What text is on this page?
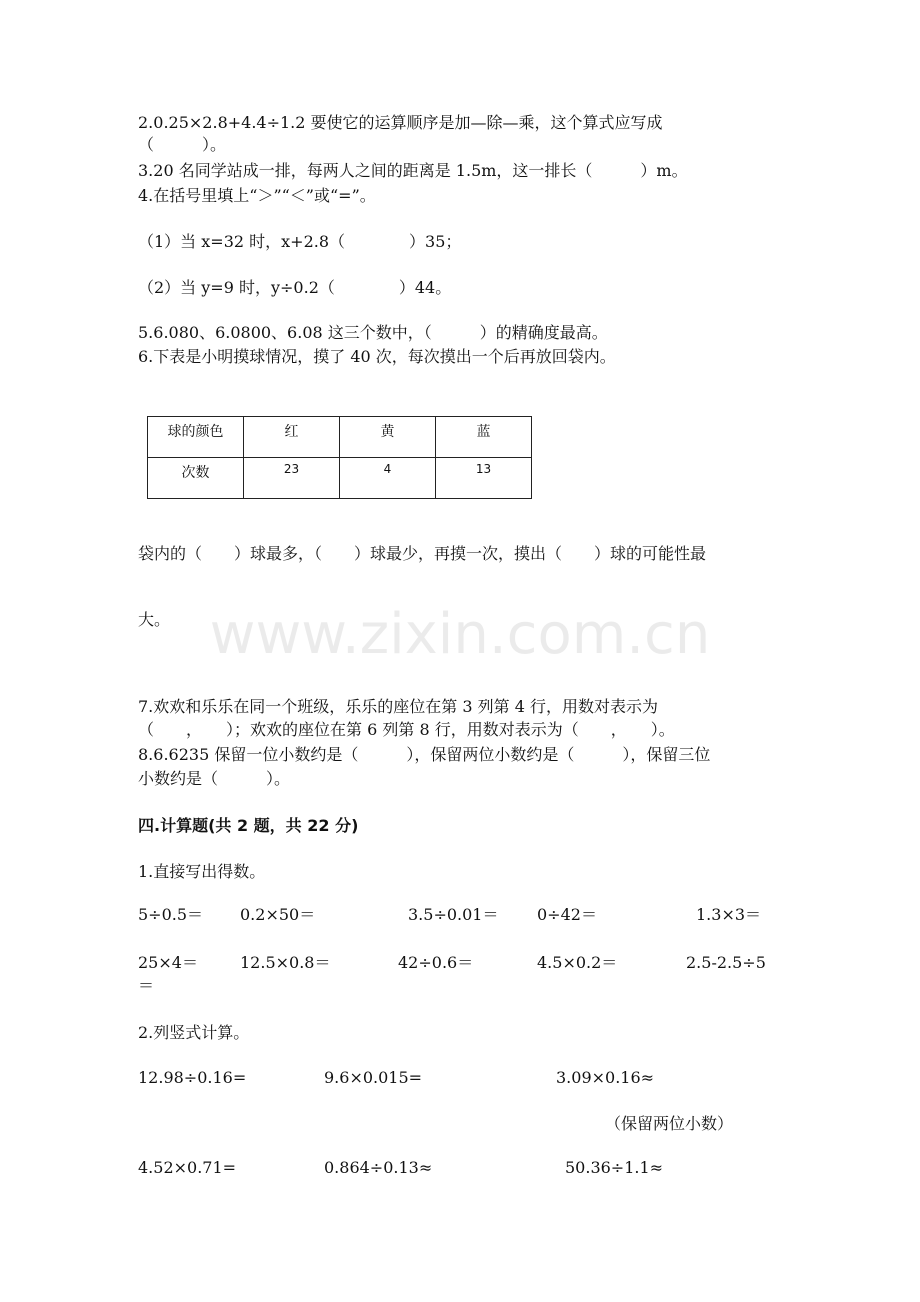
www.zixin.com.cn
2.0.25×2.8+4.4÷1.2 要使它的运算顺序是加—除—乘，这个算式应写成
（　　　）。
3.20 名同学站成一排，每两人之间的距离是 1.5m，这一排长（　　　）m。
4.在括号里填上“＞”“＜”或“=”。
（1）当 x=32 时，x+2.8（　　　　）35；
（2）当 y=9 时，y÷0.2（　　　　）44。
5.6.080、6.0800、6.08 这三个数中，（　　　）的精确度最高。
6.下表是小明摸球情况，摸了 40 次，每次摸出一个后再放回袋内。
球的颜色	红	黄	蓝
次数	23	4	13
袋内的（　　）球最多，（　　）球最少，再摸一次，摸出（　　）球的可能性最
大。
7.欢欢和乐乐在同一个班级，乐乐的座位在第 3 列第 4 行，用数对表示为
（　　，　　）；欢欢的座位在第 6 列第 8 行，用数对表示为（　　，　　）。
8.6.6235 保留一位小数约是（　　　），保留两位小数约是（　　　），保留三位
小数约是（　　　）。
四.计算题(共 2 题，共 22 分)
1.直接写出得数。
5÷0.5＝ 0.2×50＝	3.5÷0.01＝ 0÷42＝	1.3×3＝
25×4＝	12.5×0.8＝	42÷0.6＝	4.5×0.2＝	2.5-2.5÷5
＝
2.列竖式计算。
12.98÷0.16=	9.6×0.015=	3.09×0.16≈
（保留两位小数）
4.52×0.71=	0.864÷0.13≈	50.36÷1.1≈
